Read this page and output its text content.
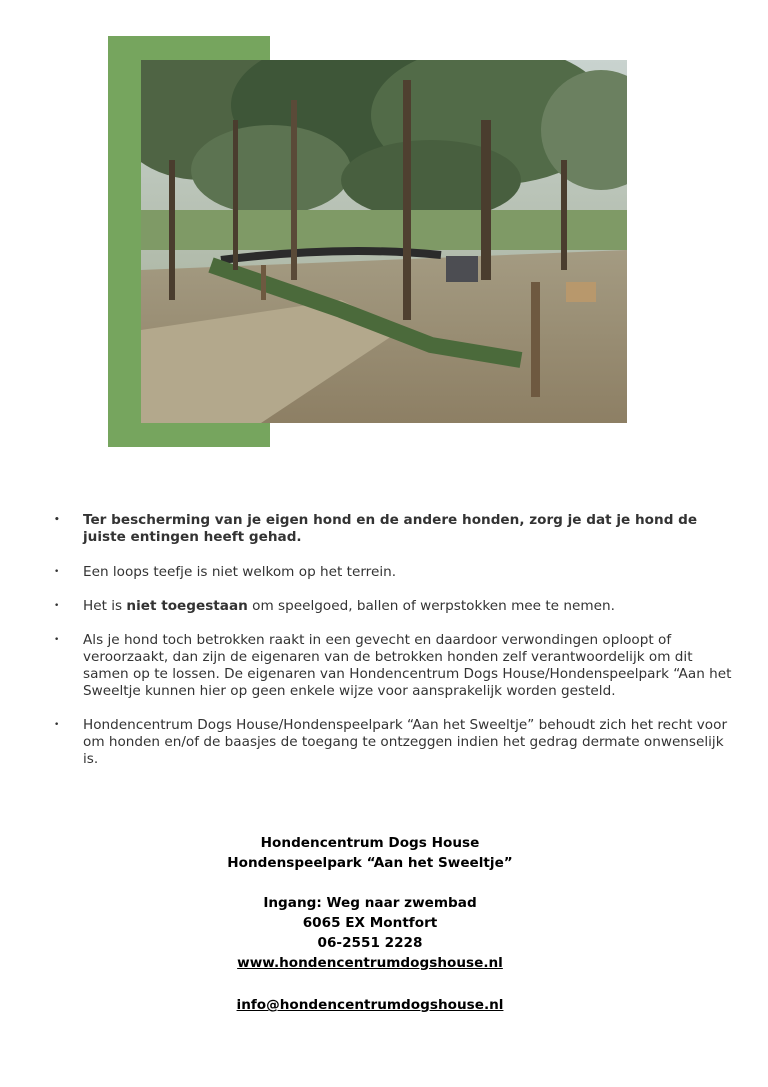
• Ter bescherming van je eigen hond en de andere honden, zorg je dat je hond de juiste entingen heeft gehad.
• Een loops teefje is niet welkom op het terrein.
• Het is niet toegestaan om speelgoed, ballen of werpstokken mee te nemen.
• Als je hond toch betrokken raakt in een gevecht en daardoor verwondingen oploopt of veroorzaakt, dan zijn de eigenaren van de betrokken honden zelf verantwoordelijk om dit samen op te lossen. De eigenaren van Hondencentrum Dogs House/Hondenspeelpark “Aan het Sweeltje kunnen hier op geen enkele wijze voor aansprakelijk worden gesteld.
• Hondencentrum Dogs House/Hondenspeelpark “Aan het Sweeltje” behoudt zich het recht voor om honden en/of de baasjes de toegang te ontzeggen indien het gedrag dermate onwenselijk is.
Hondencentrum Dogs House
Hondenspeelpark “Aan het Sweeltje”
Ingang: Weg naar zwembad
6065 EX Montfort
06-2551 2228
www.hondencentrumdogshouse.nl
info@hondencentrumdogshouse.nl
